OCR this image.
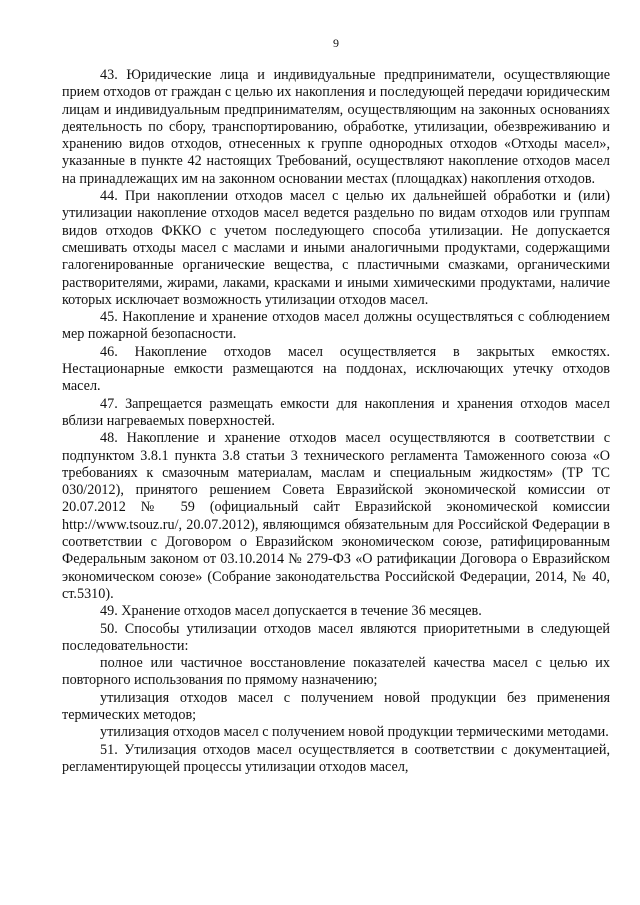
9

43. Юридические лица и индивидуальные предприниматели, осуществляющие прием отходов от граждан с целью их накопления и последующей передачи юридическим лицам и индивидуальным предпринимателям, осуществляющим на законных основаниях деятельность по сбору, транспортированию, обработке, утилизации, обезвреживанию и хранению видов отходов, отнесенных к группе однородных отходов «Отходы масел», указанные в пункте 42 настоящих Требований, осуществляют накопление отходов масел на принадлежащих им на законном основании местах (площадках) накопления отходов.

44. При накоплении отходов масел с целью их дальнейшей обработки и (или) утилизации накопление отходов масел ведется раздельно по видам отходов или группам видов отходов ФККО с учетом последующего способа утилизации. Не допускается смешивать отходы масел с маслами и иными аналогичными продуктами, содержащими галогенированные органические вещества, с пластичными смазками, органическими растворителями, жирами, лаками, красками и иными химическими продуктами, наличие которых исключает возможность утилизации отходов масел.

45. Накопление и хранение отходов масел должны осуществляться с соблюдением мер пожарной безопасности.

46. Накопление отходов масел осуществляется в закрытых емкостях. Нестационарные емкости размещаются на поддонах, исключающих утечку отходов масел.

47. Запрещается размещать емкости для накопления и хранения отходов масел вблизи нагреваемых поверхностей.

48. Накопление и хранение отходов масел осуществляются в соответствии с подпунктом 3.8.1 пункта 3.8 статьи 3 технического регламента Таможенного союза «О требованиях к смазочным материалам, маслам и специальным жидкостям» (ТР ТС 030/2012), принятого решением Совета Евразийской экономической комиссии от 20.07.2012 № 59 (официальный сайт Евразийской экономической комиссии http://www.tsouz.ru/, 20.07.2012), являющимся обязательным для Российской Федерации в соответствии с Договором о Евразийском экономическом союзе, ратифицированным Федеральным законом от 03.10.2014 № 279-ФЗ «О ратификации Договора о Евразийском экономическом союзе» (Собрание законодательства Российской Федерации, 2014, № 40, ст.5310).

49. Хранение отходов масел допускается в течение 36 месяцев.

50. Способы утилизации отходов масел являются приоритетными в следующей последовательности:

полное или частичное восстановление показателей качества масел с целью их повторного использования по прямому назначению;

утилизация отходов масел с получением новой продукции без применения термических методов;

утилизация отходов масел с получением новой продукции термическими методами.

51. Утилизация отходов масел осуществляется в соответствии с документацией, регламентирующей процессы утилизации отходов масел,
